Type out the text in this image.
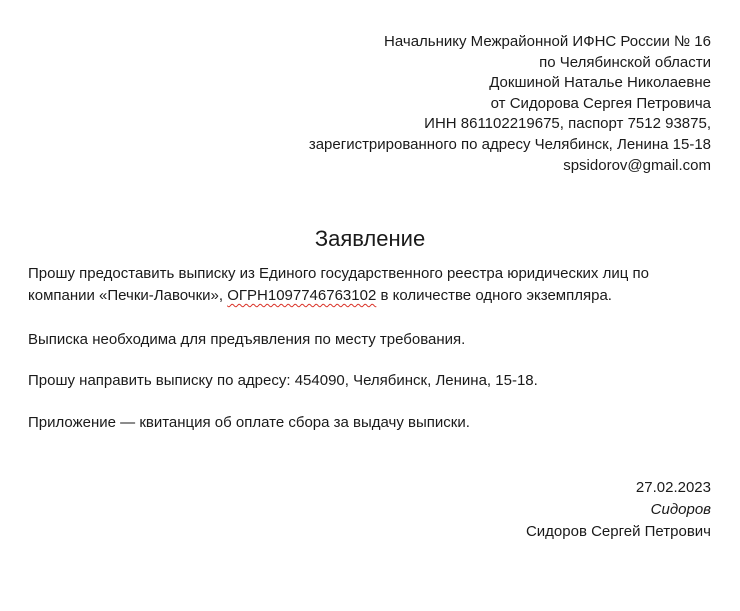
Начальнику Межрайонной ИФНС России № 16
по Челябинской области
Докшиной Наталье Николаевне
от Сидорова Сергея Петровича
ИНН 861102219675, паспорт 7512 93875,
зарегистрированного по адресу Челябинск, Ленина 15-18
spsidorov@gmail.com
Заявление
Прошу предоставить выписку из Единого государственного реестра юридических лиц по
компании «Печки-Лавочки», ОГРН1097746763102 в количестве одного экземпляра.
Выписка необходима для предъявления по месту требования.
Прошу направить выписку по адресу: 454090, Челябинск, Ленина, 15-18.
Приложение — квитанция об оплате сбора за выдачу выписки.
27.02.2023
Сидоров
Сидоров Сергей Петрович
